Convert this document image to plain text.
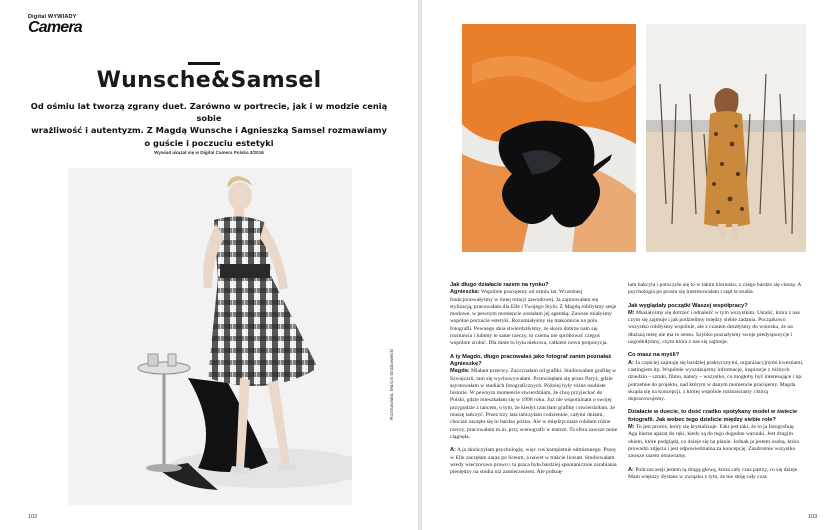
Digital WYWIADY
Camera
Wunsche&Samsel
Od ośmiu lat tworzą zgrany duet. Zarówno w portrecie, jak i w modzie cenią sobie
wrażliwość i autentyzm. Z Magdą Wunsche i Agnieszką Samsel rozmawiamy
o guście i poczuciu estetyki
Wywiad ukazał się w Digital Camera Polska 3/2016
Rozmawiała: Marcin Grabowiecki
102
Jak długo działacie razem na rynku?
Agnieszka: Wspólnie pracujemy od ośmiu lat. Wcześniej funkcjonowałyśmy w innej relacji zawodowej. Ja zajmowałam się stylizacją, pracowałam dla Elle i Twojego Stylu. Z Magdą robiłyśmy sesje modowe, w pewnym momencie zostałam jej agentką. Zawsze miałyśmy wspólne poczucie estetyki. Rozumiałyśmy się makomicie na polu fotografii. Pewnego dnia stwierdziłyśmy, że skoro dobrze nam się rozmawia i lubimy te same rzeczy, to czemu nie spróbować czegoś wspólnie zrobić. Dla mnie to była niekowa, całkiem nowa propozycja.
A ty Magdo, długo pracowałaś jako fotograf zanim poznałaś Agnieszkę?
Magda: Miałam przerwy. Zaczynałam od grafiki. Studiowałam grafikę w Szwajcarii, tam się wychowywałam. Przewinęłam się przez Paryż, gdzie asystowałam w studiach fotograficznych. Później były różne osobiste historie. W pewnym momencie stwierdziłam, że chcę przyjechać do Polski, gdzie mieszkałam się w 1998 roku. Już nie wspominam o swojej przygodzie z tańcem, o tym, że kiedyś rzuciłam grafikę i stwierdziłam, że muszę tańczyć. Przez trzy lata tańczyłam codziennie, całymi dniami, chociaż zaczęło się to bardzo późno. Ale w międzyczasie robiłam różne rzeczy, pracowałam m.in. przy scenografii w teatrze. Ta sfera zawsze mnie ciągnęła.
A: A ja skończyłam psychologię, więc coś kompletnie odmiennego. Pracę w Elle zaczęłam zaraz po liceum, a nawet w trakcie liceum. Studiowałam wtedy wieczorowo prawo i ta praca była bardziej spontanicznie zarabiania pieniędzy na studia niż zamierzeniem. Ale polknę-
łam bakcyla i potoczyło się to w takim kierunku, z czego bardzo się cieszę. A psychologia po prostu się interesowałam i stąd te studia.
Jak wyglądały początki Waszej współpracy?
M: Musiałyśmy się dotrzeć i odnaleźć w tym wszystkim. Ustalić, która z nas czym się zajmuje i jak podzielimy między siebie zadania. Początkowo wszystko robiłyśmy wspólnie, ale z czasem doszłyśmy do wniosku, że na dłuższą metę nie ma to sensu. Szybko poznałyśmy swoje predyspozycje i uzgodniłyśmy, czym która z nas się zajmuje.
Co masz na myśli?
A: Ja częściej zajmuję się bardziej praktycznymi, organizacyjnymi kwestiami, castingiem itp. Wspólnie wyszukujemy informacje, inspiracje z różnych dziedzin – sztuki, filmu, natury – wszystko, co mogłoby być interesujące i np. potrzebne do projektu, nad którym w danym momencie pracujemy. Magda skupia się na koncepcji, z której wspólnie rozmawiamy i którą dopracowujemy.
Działacie w duecie, to dość rzadko spotykany model w świecie fotografii. Jak wobec tego dzielicie między siebie role?
M: To jest proces, który się krystalizuje. Fakt jest taki, że to ja fotografuję. Aga bierze aparat do ręki, kiedy są do tego dogodne warunki. Jest drugim okiem, które podgląda, co dzieje się na planie. Jednak ja jestem osobą, która prowadzi zdjęcia i jest odpowiedzialna za koncepcję. Zazdrośnie wszystko zawsze razem omawiamy.
A: Podczas sesji jestem tą drugą głową, która cały czas patrzy, co się dzieje. Mam większy dystans w związku z tym, że nie stoję cały czas
103
